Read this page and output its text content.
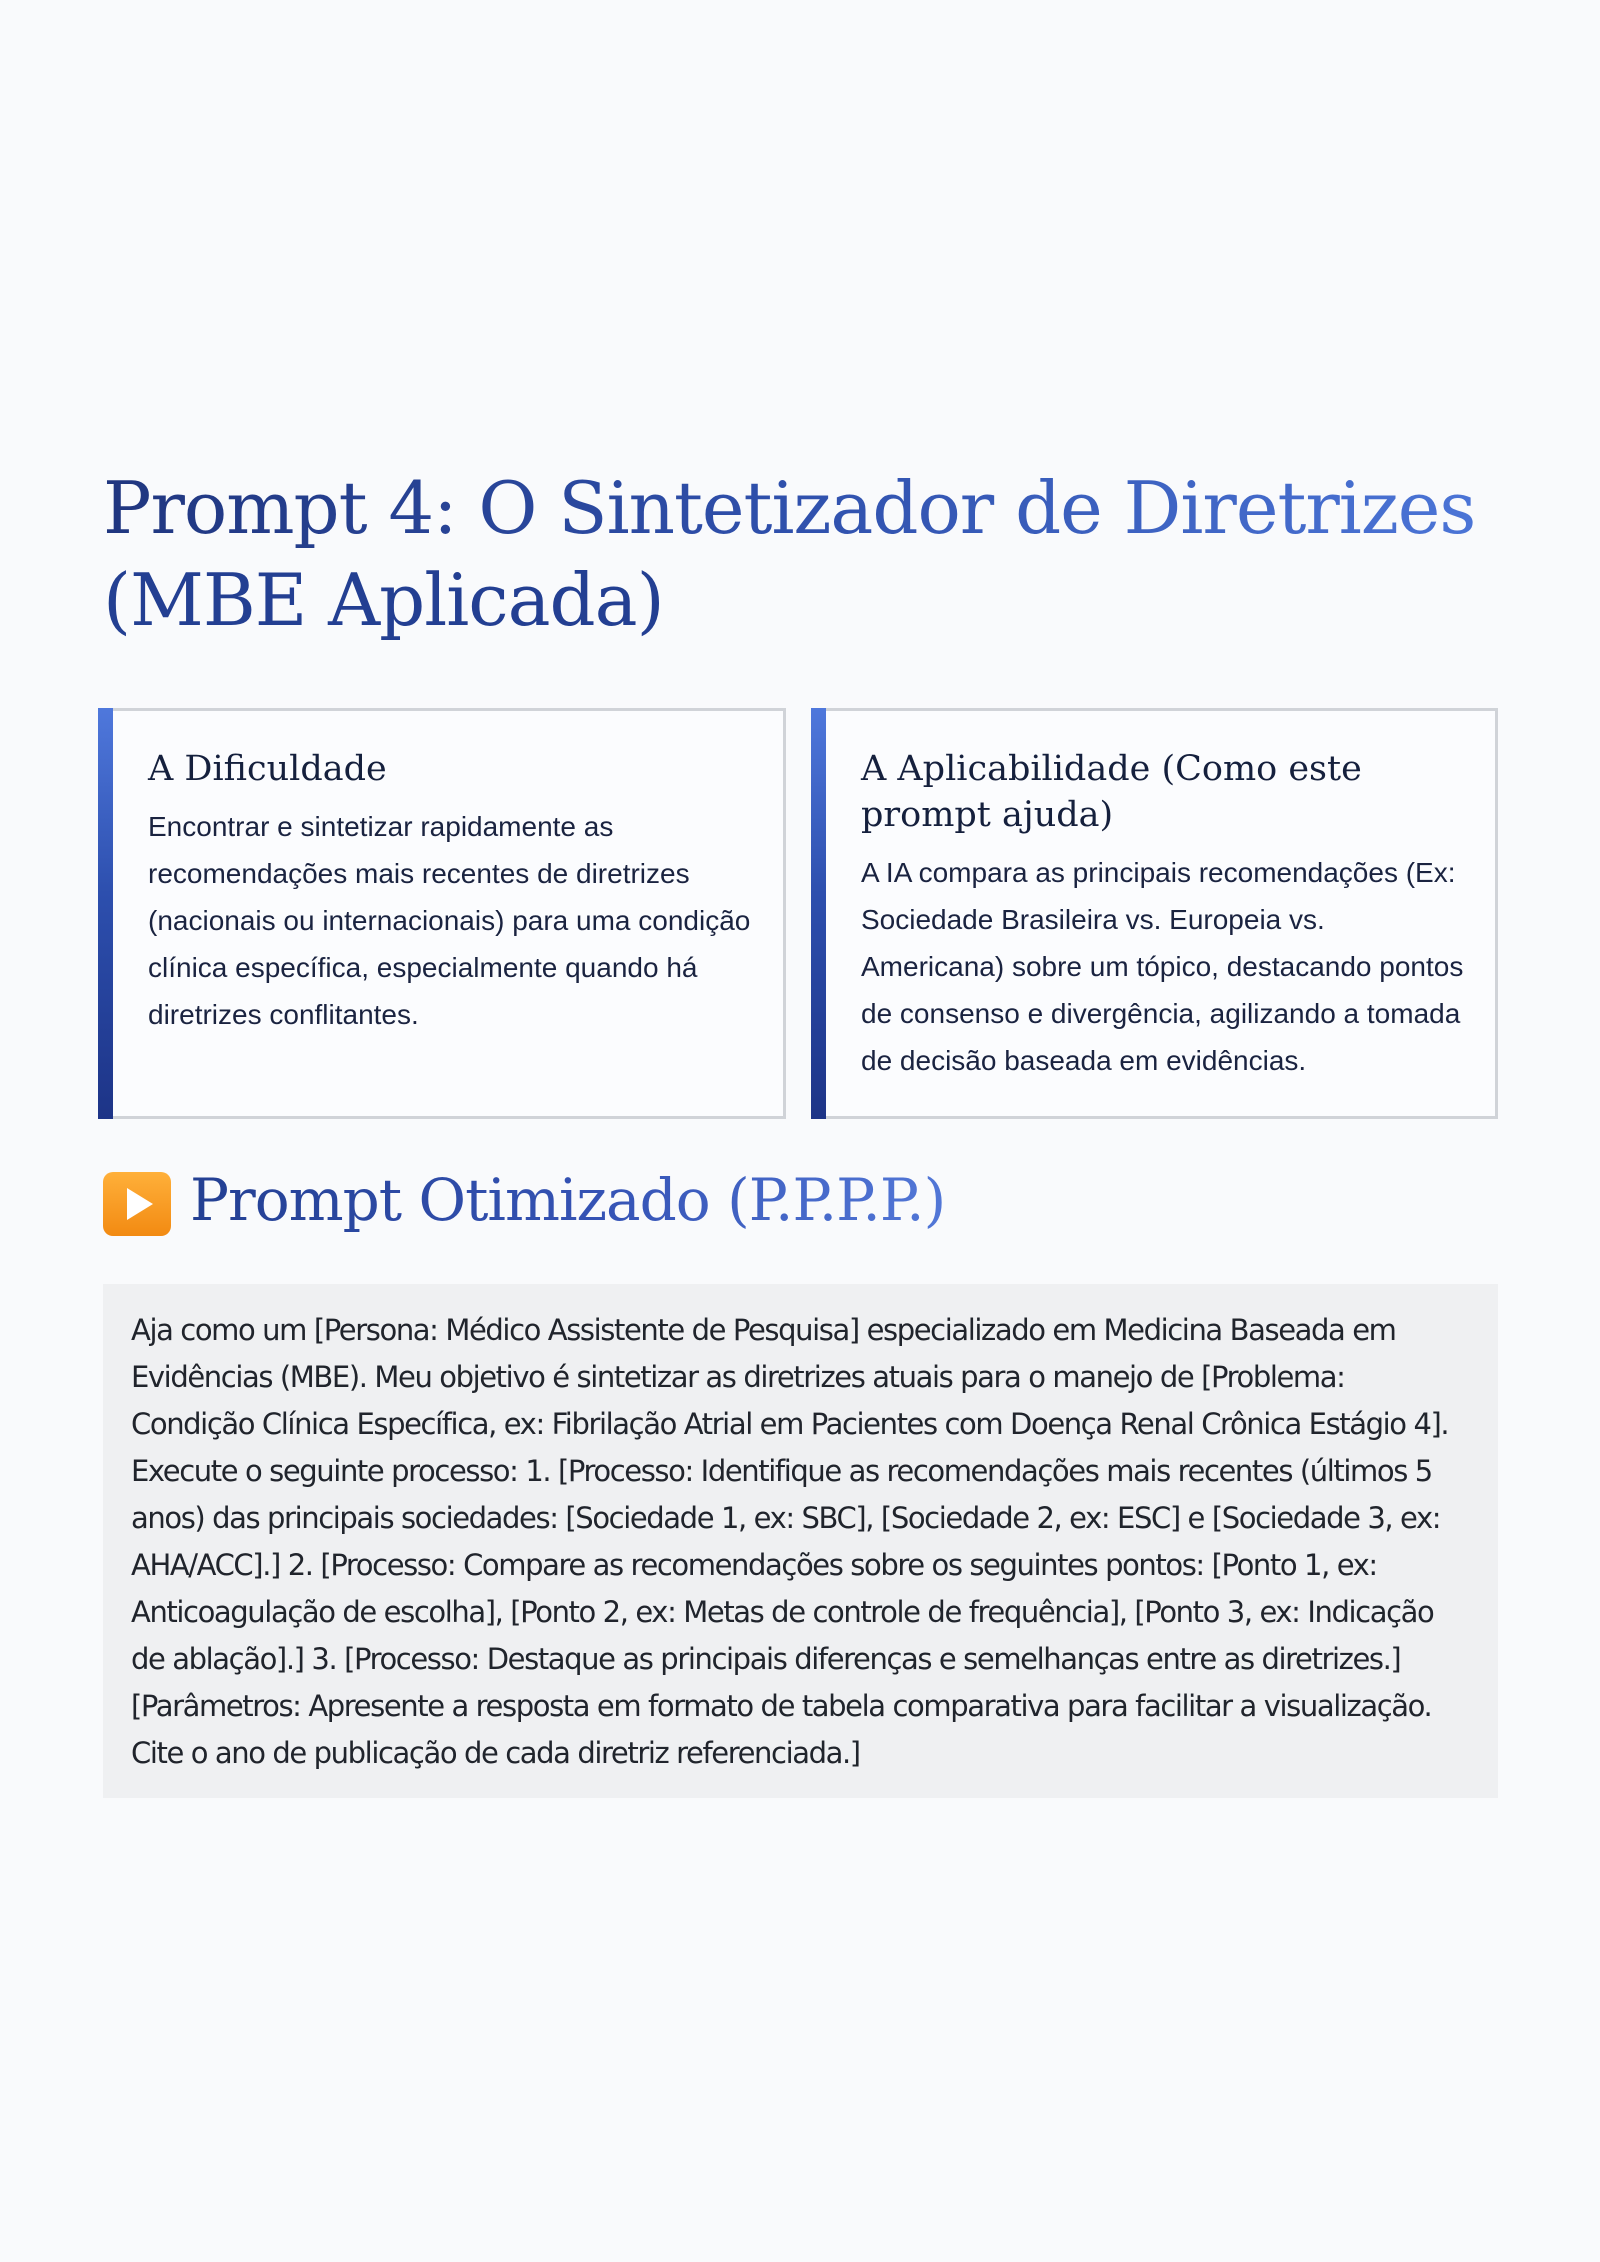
Prompt 4: O Sintetizador de Diretrizes
(MBE Aplicada)
A Dificuldade

Encontrar e sintetizar rapidamente as recomendações mais recentes de diretrizes (nacionais ou internacionais) para uma condição clínica específica, especialmente quando há diretrizes conflitantes.

A Aplicabilidade (Como este prompt ajuda)

A IA compara as principais recomendações (Ex: Sociedade Brasileira vs. Europeia vs. Americana) sobre um tópico, destacando pontos de consenso e divergência, agilizando a tomada de decisão baseada em evidências.

Prompt Otimizado (P.P.P.P.)

Aja como um [Persona: Médico Assistente de Pesquisa] especializado em Medicina Baseada em Evidências (MBE). Meu objetivo é sintetizar as diretrizes atuais para o manejo de [Problema: Condição Clínica Específica, ex: Fibrilação Atrial em Pacientes com Doença Renal Crônica Estágio 4]. Execute o seguinte processo: 1. [Processo: Identifique as recomendações mais recentes (últimos 5 anos) das principais sociedades: [Sociedade 1, ex: SBC], [Sociedade 2, ex: ESC] e [Sociedade 3, ex: AHA/ACC].] 2. [Processo: Compare as recomendações sobre os seguintes pontos: [Ponto 1, ex: Anticoagulação de escolha], [Ponto 2, ex: Metas de controle de frequência], [Ponto 3, ex: Indicação de ablação].] 3. [Processo: Destaque as principais diferenças e semelhanças entre as diretrizes.] [Parâmetros: Apresente a resposta em formato de tabela comparativa para facilitar a visualização. Cite o ano de publicação de cada diretriz referenciada.]
